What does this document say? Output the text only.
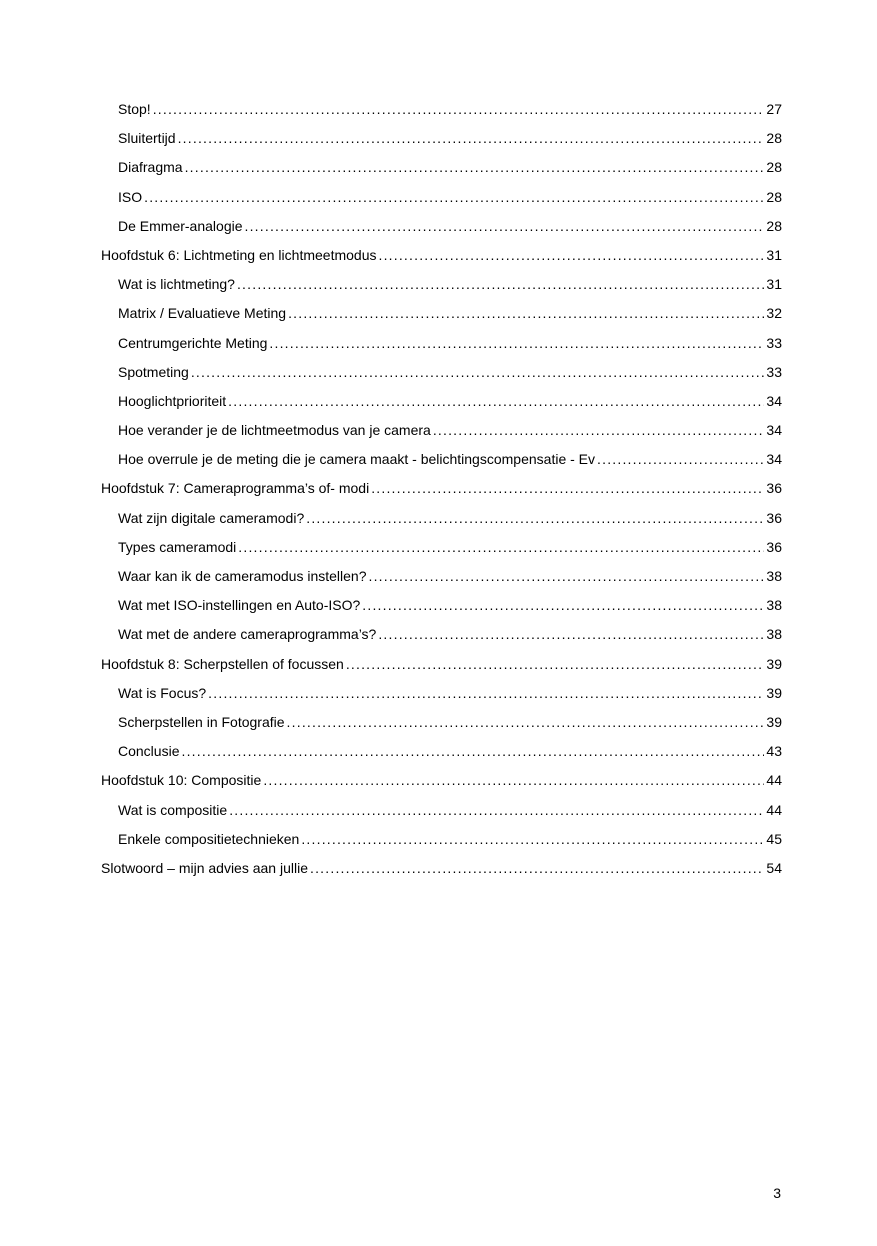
Stop! .....	27
Sluitertijd .....	28
Diafragma .....	28
ISO .....	28
De Emmer-analogie .....	28
Hoofdstuk 6: Lichtmeting en lichtmeetmodus .....	31
Wat is lichtmeting? .....	31
Matrix / Evaluatieve Meting .....	32
Centrumgerichte Meting .....	33
Spotmeting .....	33
Hooglichtprioriteit .....	34
Hoe verander je de lichtmeetmodus van je camera .....	34
Hoe overrule je de meting die je camera maakt - belichtingscompensatie - Ev .....	34
Hoofdstuk 7: Cameraprogramma’s of- modi .....	36
Wat zijn digitale cameramodi? .....	36
Types cameramodi .....	36
Waar kan ik de cameramodus instellen? .....	38
Wat met ISO-instellingen en Auto-ISO? .....	38
Wat met de andere cameraprogramma’s? .....	38
Hoofdstuk 8: Scherpstellen of focussen .....	39
Wat is Focus? .....	39
Scherpstellen in Fotografie .....	39
Conclusie .....	43
Hoofdstuk 10: Compositie .....	44
Wat is compositie .....	44
Enkele compositietechnieken .....	45
Slotwoord – mijn advies aan jullie .....	54
3
